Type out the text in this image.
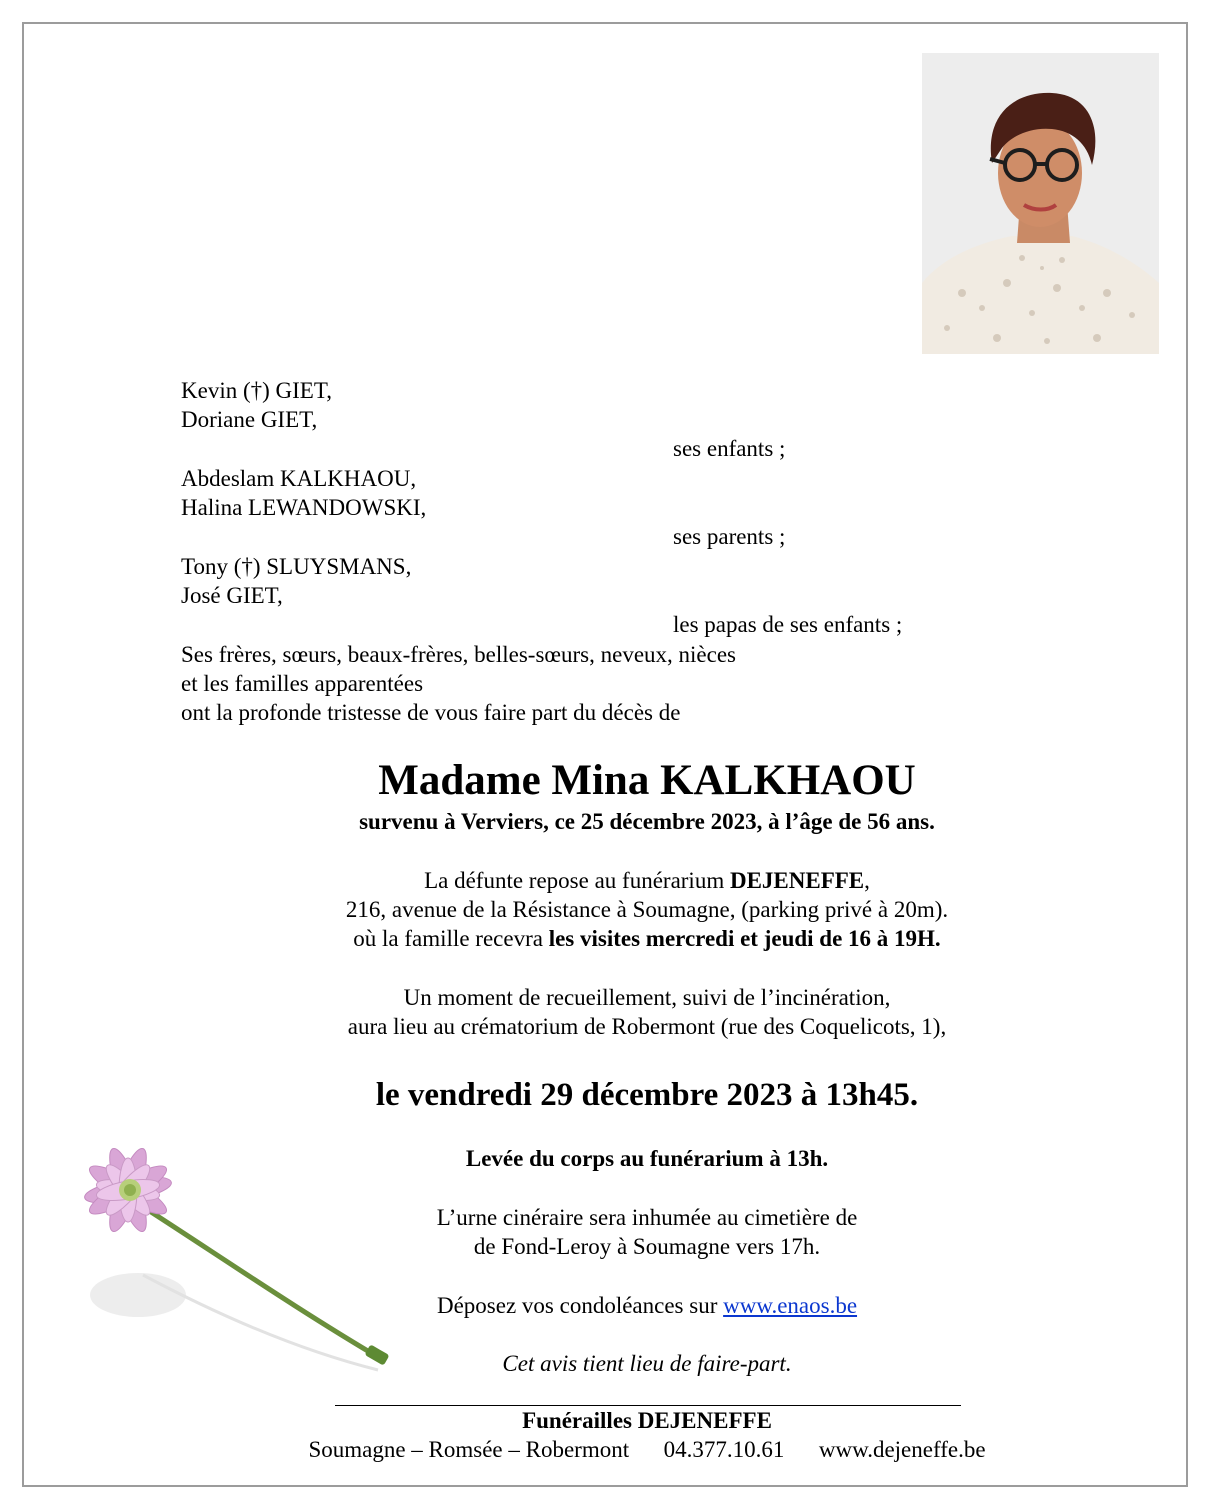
Kevin (†) GIET,
Doriane GIET,
ses enfants ;
Abdeslam KALKHAOU,
Halina LEWANDOWSKI,
ses parents ;
Tony (†) SLUYSMANS,
José GIET,
les papas de ses enfants ;
Ses frères, sœurs, beaux-frères, belles-sœurs, neveux, nièces
et les familles apparentées
ont la profonde tristesse de vous faire part du décès de
Madame Mina KALKHAOU
survenu à Verviers, ce 25 décembre 2023, à l’âge de 56 ans.
La défunte repose au funérarium DEJENEFFE,
216, avenue de la Résistance à Soumagne, (parking privé à 20m).
où la famille recevra les visites mercredi et jeudi de 16 à 19H.
Un moment de recueillement, suivi de l’incinération,
aura lieu au crématorium de Robermont (rue des Coquelicots, 1),
le vendredi 29 décembre 2023 à 13h45.
Levée du corps au funérarium à 13h.
L’urne cinéraire sera inhumée au cimetière de
de Fond-Leroy à Soumagne vers 17h.
Déposez vos condoléances sur www.enaos.be
Cet avis tient lieu de faire-part.
Funérailles DEJENEFFE
Soumagne – Romsée – Robermont 04.377.10.61 www.dejeneffe.be
